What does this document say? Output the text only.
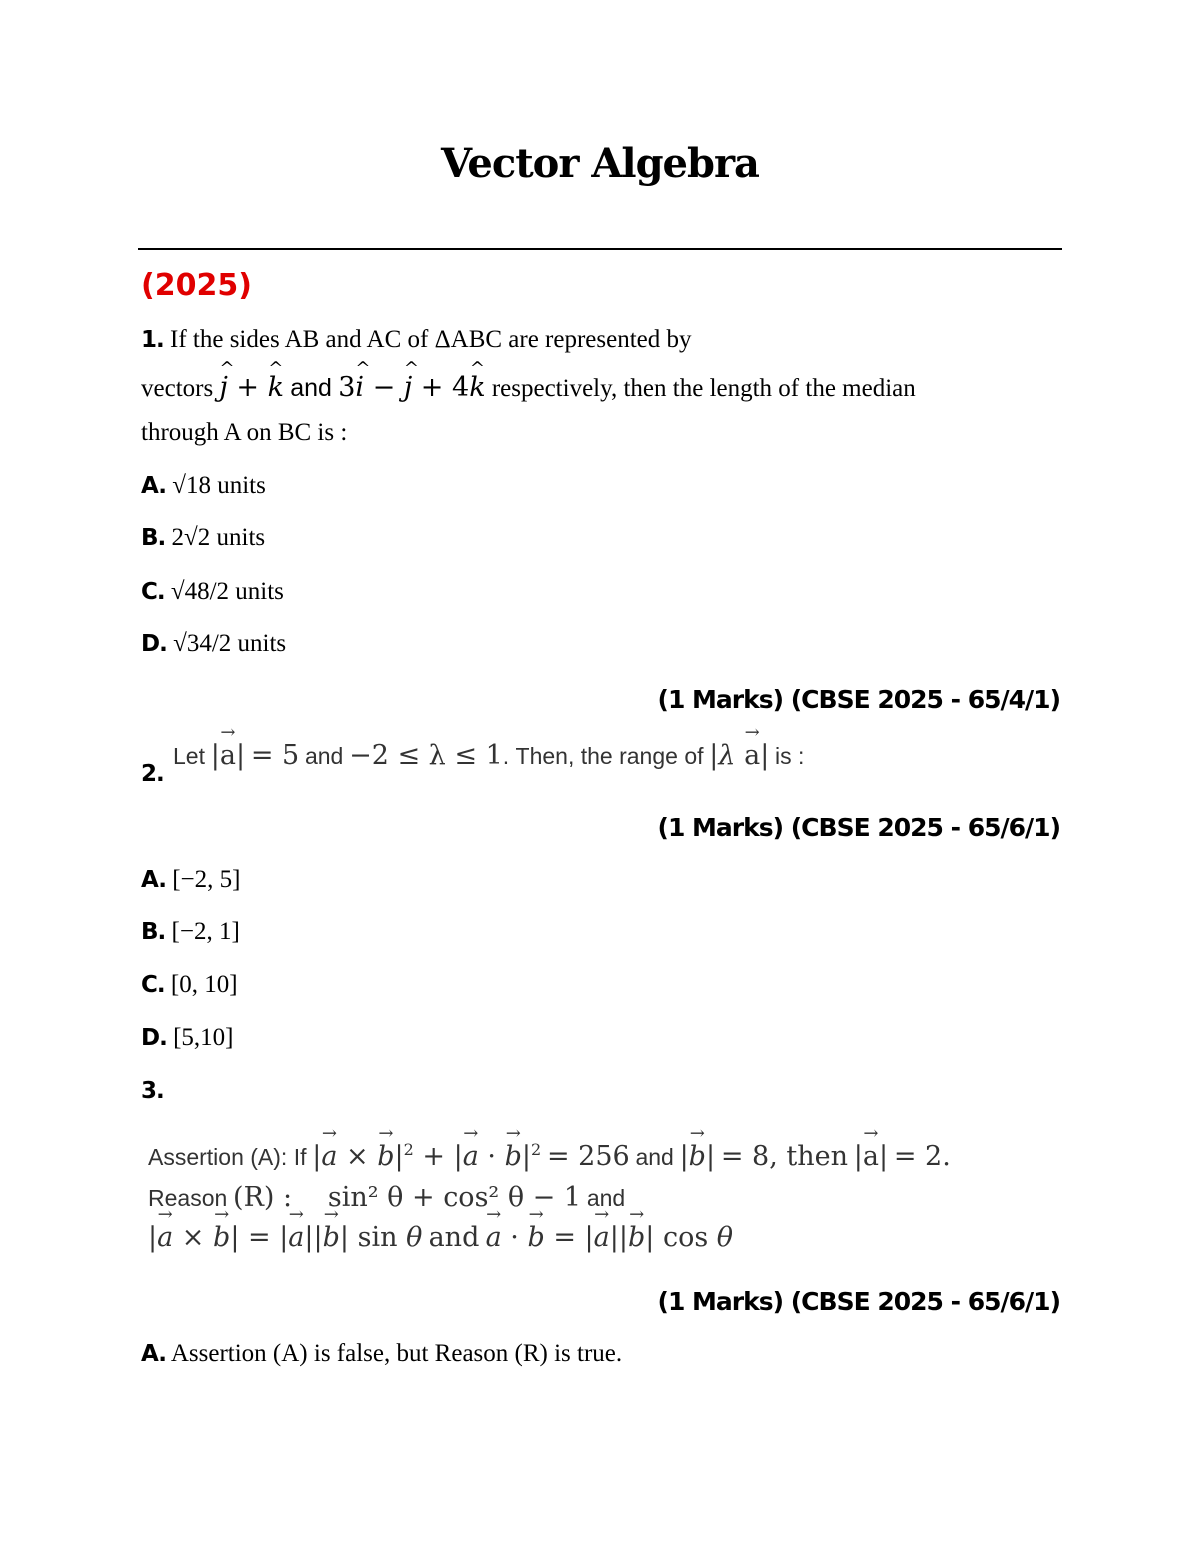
Vector Algebra
(2025)
1. If the sides AB and AC of ΔABC are represented by
vectors ^ j + ^ k and 3^ i − ^ j + 4^ k respectively, then the length of the median
through A on BC is :
A. √18 units
B. 2√2 units
C. √48/2 units
D. √34/2 units
(1 Marks) (CBSE 2025 - 65/4/1)
2.
Let |→ a| = 5 and −2 ≤ λ ≤ 1. Then, the range of |λ → a| is :
(1 Marks) (CBSE 2025 - 65/6/1)
A. [−2, 5]
B. [−2, 1]
C. [0, 10]
D. [5,10]
3.
Assertion (A): If |→ a × → $b|^2$ + |→ a · → $b|^2 = 256$ and |→ b| = 8, then |→ a| = 2.
Reason (R) : sin² θ + cos² θ − 1 and
|→ a × → b| = |→ a||→ b| sin θ and → a · → b = |→ a||→ b| cos θ
(1 Marks) (CBSE 2025 - 65/6/1)
A. Assertion (A) is false, but Reason (R) is true.
